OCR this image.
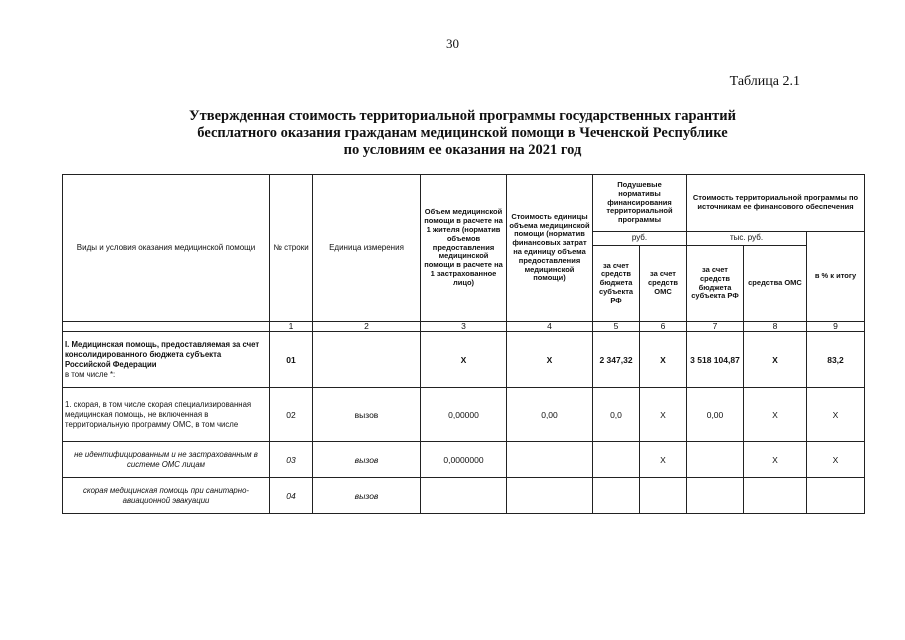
30
Таблица 2.1
Утвержденная стоимость территориальной программы государственных гарантий
бесплатного оказания гражданам медицинской помощи в Чеченской Республике
по условиям ее оказания на 2021 год
Виды и условия оказания медицинской помощи	№ строки	Единица измерения	Объем медицинской помощи в расчете на 1 жителя (норматив объемов предоставления медицинской помощи в расчете на 1 застрахованное лицо)	Стоимость единицы объема медицинской помощи (норматив финансовых затрат на единицу объема предоставления медицинской помощи)	Подушевые нормативы финансирования территориальной программы		Стоимость территориальной программы по источникам ее финансового обеспечения		
					руб.		тыс. руб.		в % к итогу
					за счет средств бюджета субъекта РФ	за счет средств ОМС	за счет средств бюджета субъекта РФ	средства ОМС	
	1	2	3	4	5	6	7	8	9
I. Медицинская помощь, предоставляемая за счет консолидированного бюджета субъекта Российской Федерации
в том числе *:	01		X	X	2 347,32	X	3 518 104,87	X	83,2
1. скорая, в том числе скорая специализированная медицинская помощь, не включенная в территориальную программу ОМС, в том числе	02	вызов	0,00000	0,00	0,0	X	0,00	X	X
не идентифицированным и не застрахованным в системе ОМС лицам	03	вызов	0,0000000			X		X	X
скорая медицинская помощь при санитарно-авиационной эвакуации	04	вызов							
